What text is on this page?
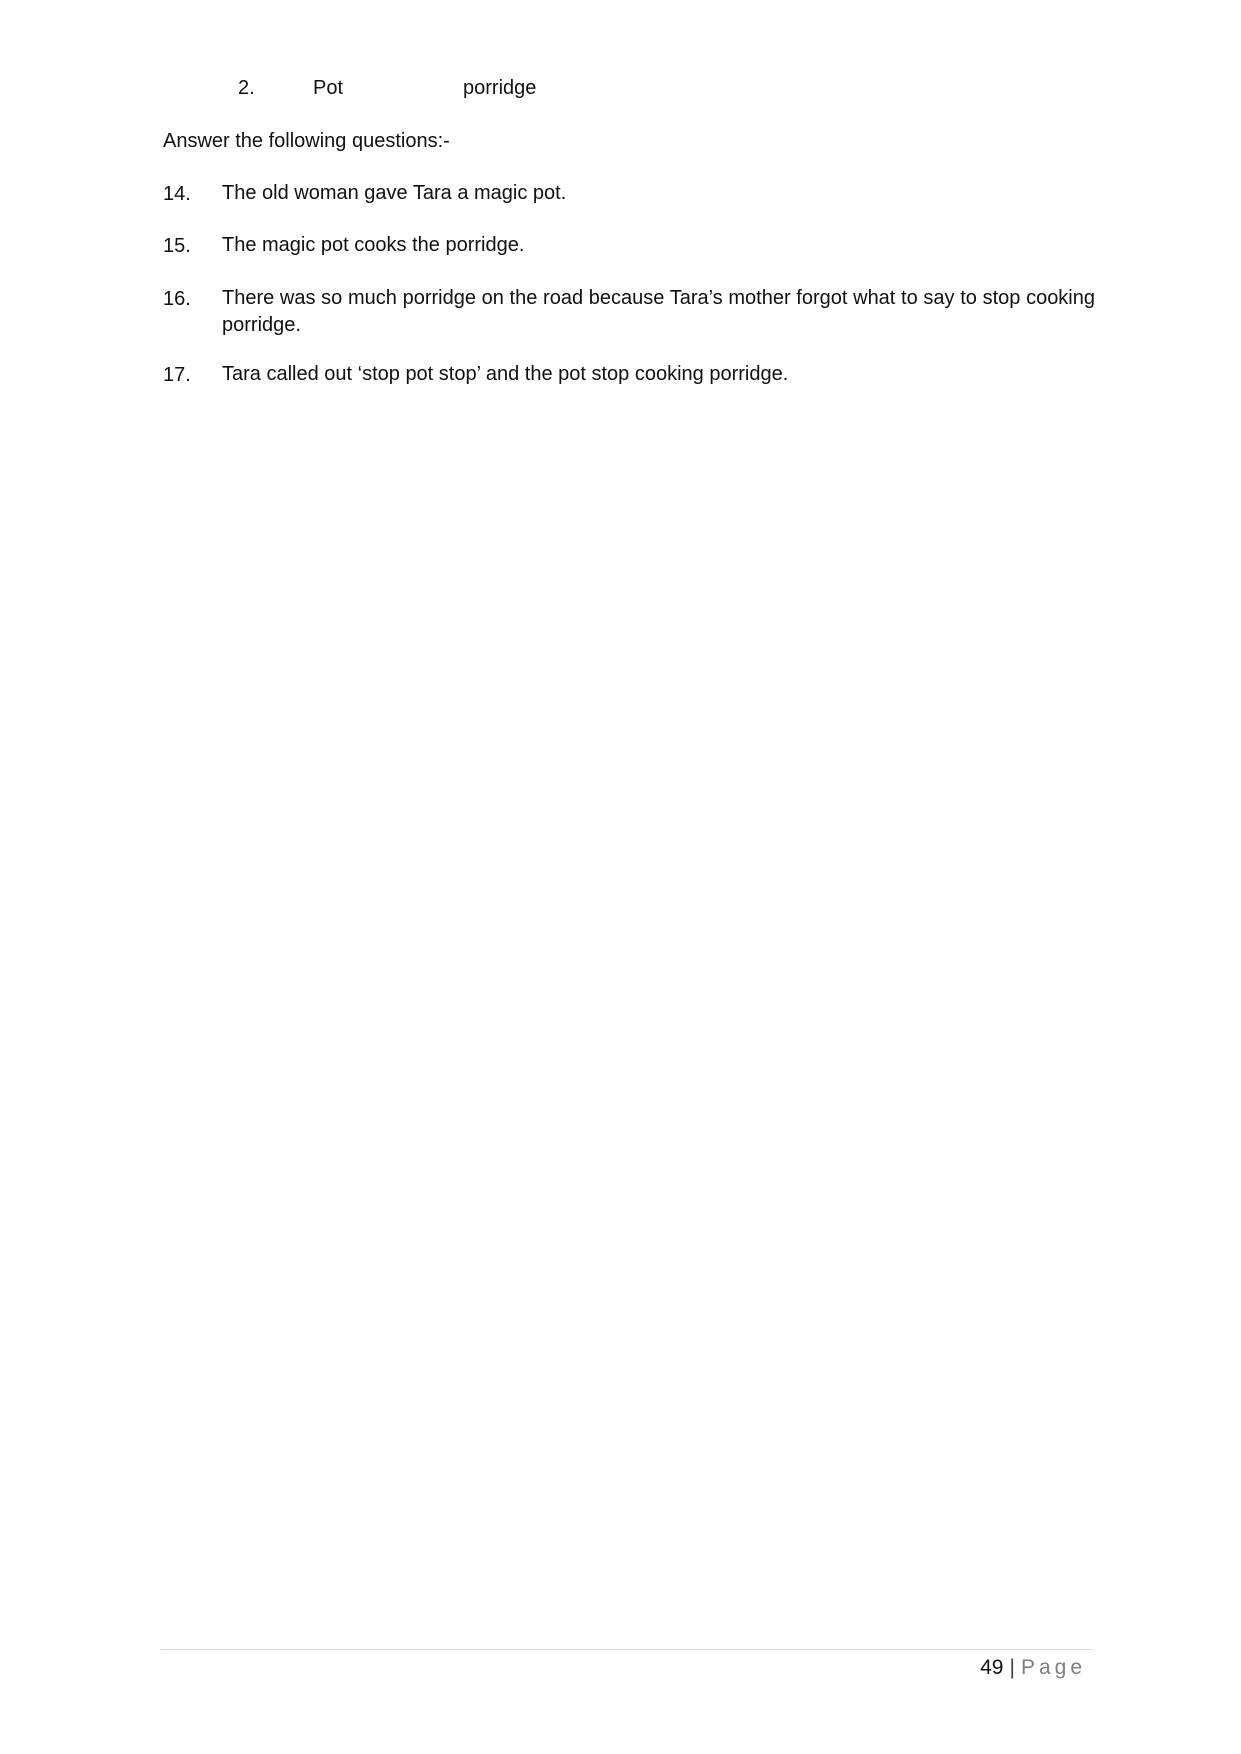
2.	Pot	porridge
Answer the following questions:-
14.	The old woman gave Tara a magic pot.
15.	The magic pot cooks the porridge.
16.	There was so much porridge on the road because Tara’s mother forgot what to say to stop cooking porridge.
17.	Tara called out ‘stop pot stop’ and the pot stop cooking porridge.
49 | Page
